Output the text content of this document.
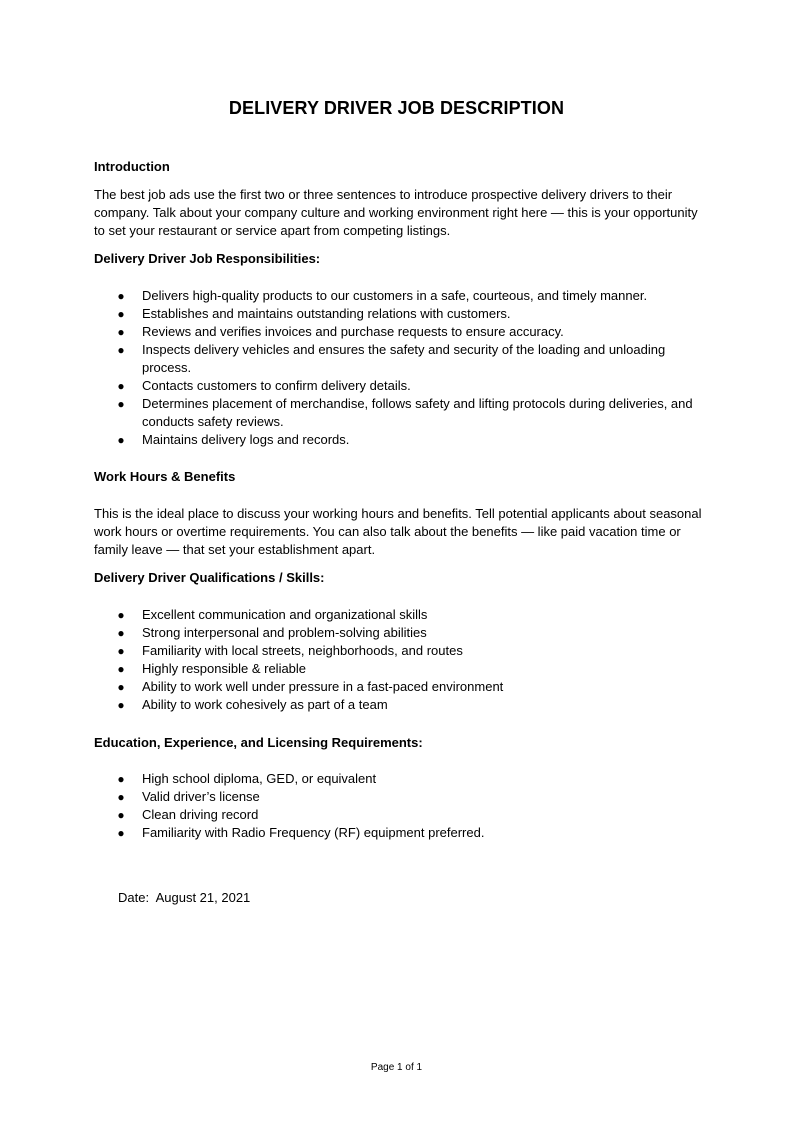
DELIVERY DRIVER JOB DESCRIPTION

Introduction

The best job ads use the first two or three sentences to introduce prospective delivery drivers to their company. Talk about your company culture and working environment right here — this is your opportunity to set your restaurant or service apart from competing listings.

Delivery Driver Job Responsibilities:

● Delivers high-quality products to our customers in a safe, courteous, and timely manner.
● Establishes and maintains outstanding relations with customers.
● Reviews and verifies invoices and purchase requests to ensure accuracy.
● Inspects delivery vehicles and ensures the safety and security of the loading and unloading process.
● Contacts customers to confirm delivery details.
● Determines placement of merchandise, follows safety and lifting protocols during deliveries, and conducts safety reviews.
● Maintains delivery logs and records.

Work Hours & Benefits

This is the ideal place to discuss your working hours and benefits. Tell potential applicants about seasonal work hours or overtime requirements. You can also talk about the benefits — like paid vacation time or family leave — that set your establishment apart.

Delivery Driver Qualifications / Skills:

● Excellent communication and organizational skills
● Strong interpersonal and problem-solving abilities
● Familiarity with local streets, neighborhoods, and routes
● Highly responsible & reliable
● Ability to work well under pressure in a fast-paced environment
● Ability to work cohesively as part of a team

Education, Experience, and Licensing Requirements:

● High school diploma, GED, or equivalent
● Valid driver’s license
● Clean driving record
● Familiarity with Radio Frequency (RF) equipment preferred.

Date: August 21, 2021

Page 1 of 1
